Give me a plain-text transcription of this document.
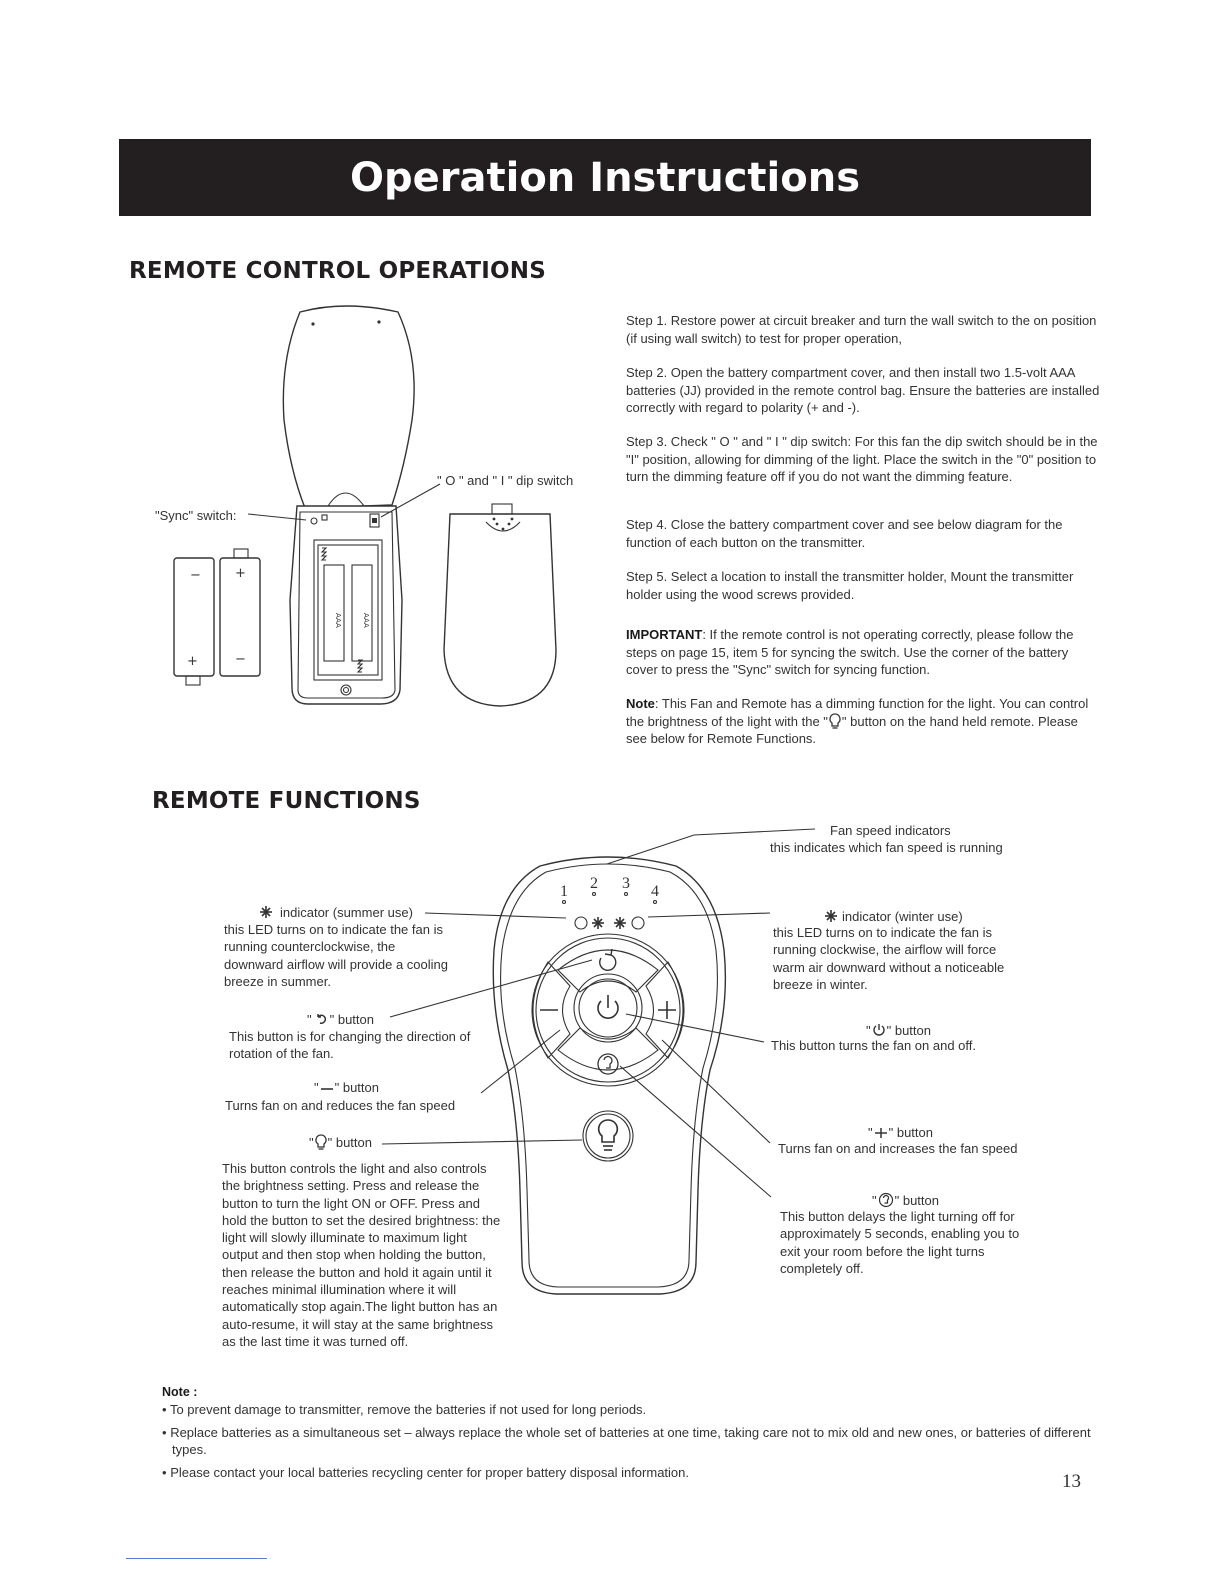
Operation Instructions
REMOTE CONTROL OPERATIONS
REMOTE FUNCTIONS
AAA	AAA
−
+
+
−
"Sync" switch:
" O " and " I " dip switch
Step 1. Restore power at circuit breaker and turn the wall switch to the on position (if using wall switch) to test for proper operation,
Step 2. Open the battery compartment cover, and then install two 1.5-volt AAA batteries (JJ) provided in the remote control bag. Ensure the batteries are installed correctly with regard to polarity (+ and -).
Step 3. Check " O " and " I " dip switch: For this fan the dip switch should be in the "I" position, allowing for dimming of the light. Place the switch in the "0" position to turn the dimming feature off if you do not want the dimming feature.
Step 4. Close the battery compartment cover and see below diagram for the function of each button on the transmitter.
Step 5. Select a location to install the transmitter holder, Mount the transmitter holder using the wood screws provided.
IMPORTANT: If the remote control is not operating correctly, please follow the steps on page 15, item 5 for syncing the switch. Use the corner of the battery cover to press the "Sync" switch for syncing function.
Note: This Fan and Remote has a dimming function for the light. You can control the brightness of the light with the " " button on the hand held remote. Please see below for Remote Functions.
1 2 3 4
Fan speed indicators
this indicates which fan speed is running
indicator (summer use)
this LED turns on to indicate the fan is running counterclockwise, the downward airflow will provide a cooling breeze in summer.
indicator (winter use)
this LED turns on to indicate the fan is running clockwise, the airflow will force warm air downward without a noticeable breeze in winter.
" " button
This button is for changing the direction of rotation of the fan.
" " button
Turns fan on and reduces the fan speed
" " button
This button controls the light and also controls the brightness setting. Press and release the button to turn the light ON or OFF. Press and hold the button to set the desired brightness: the light will slowly illuminate to maximum light output and then stop when holding the button, then release the button and hold it again until it reaches minimal illumination where it will automatically stop again.The light button has an auto-resume, it will stay at the same brightness as the last time it was turned off.
" " button
This button turns the fan on and off.
" " button
Turns fan on and increases the fan speed
" " button
This button delays the light turning off for approximately 5 seconds, enabling you to exit your room before the light turns completely off.
Note :
• To prevent damage to transmitter, remove the batteries if not used for long periods.
• Replace batteries as a simultaneous set – always replace the whole set of batteries at one time, taking care not to mix old and new ones, or batteries of different types.
• Please contact your local batteries recycling center for proper battery disposal information.	13
